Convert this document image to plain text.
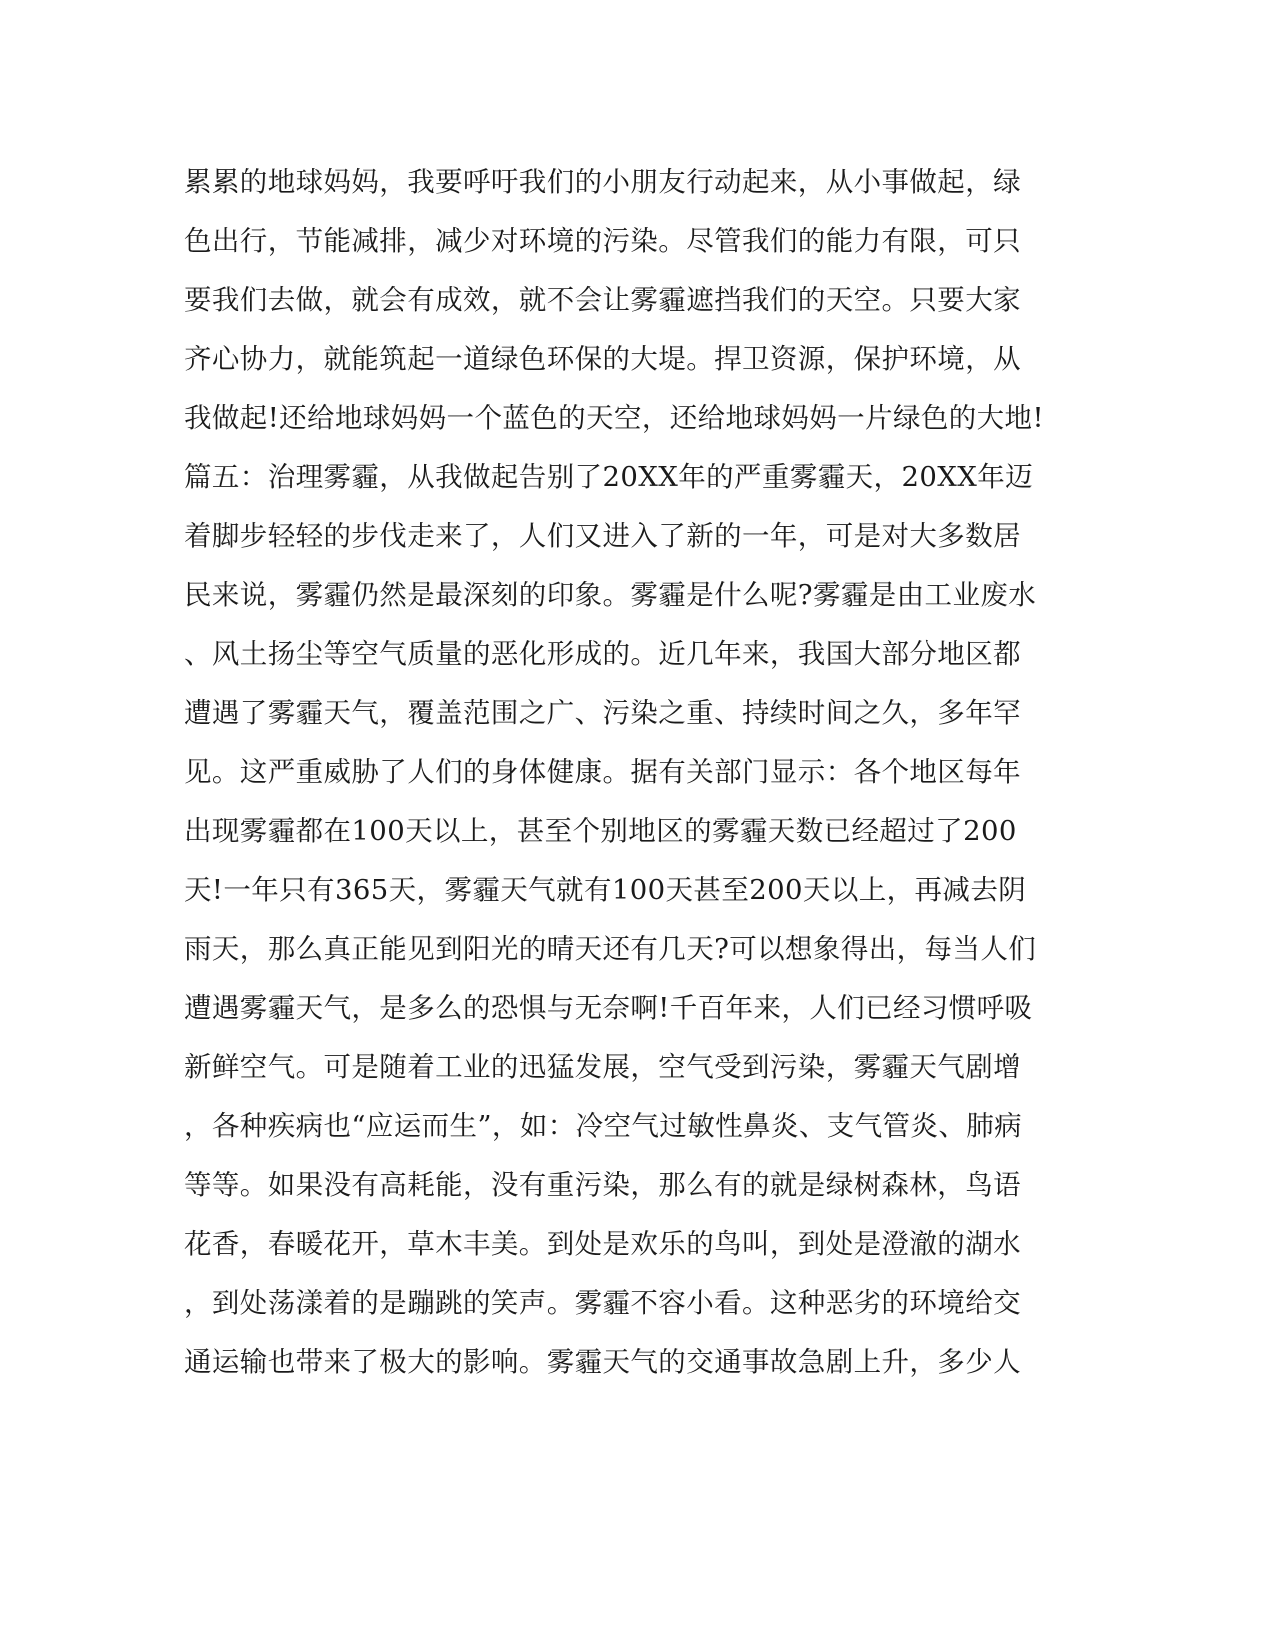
累累的地球妈妈，我要呼吁我们的小朋友行动起来，从小事做起，绿
色出行，节能减排，减少对环境的污染。尽管我们的能力有限，可只
要我们去做，就会有成效，就不会让雾霾遮挡我们的天空。只要大家
齐心协力，就能筑起一道绿色环保的大堤。捍卫资源，保护环境，从
我做起!还给地球妈妈一个蓝色的天空，还给地球妈妈一片绿色的大地!
篇五：治理雾霾，从我做起告别了20XX年的严重雾霾天，20XX年迈
着脚步轻轻的步伐走来了，人们又进入了新的一年，可是对大多数居
民来说，雾霾仍然是最深刻的印象。雾霾是什么呢?雾霾是由工业废水
、风土扬尘等空气质量的恶化形成的。近几年来，我国大部分地区都
遭遇了雾霾天气，覆盖范围之广、污染之重、持续时间之久，多年罕
见。这严重威胁了人们的身体健康。据有关部门显示：各个地区每年
出现雾霾都在100天以上，甚至个别地区的雾霾天数已经超过了200
天!一年只有365天，雾霾天气就有100天甚至200天以上，再减去阴
雨天，那么真正能见到阳光的晴天还有几天?可以想象得出，每当人们
遭遇雾霾天气，是多么的恐惧与无奈啊!千百年来，人们已经习惯呼吸
新鲜空气。可是随着工业的迅猛发展，空气受到污染，雾霾天气剧增
，各种疾病也“应运而生”，如：冷空气过敏性鼻炎、支气管炎、肺病
等等。如果没有高耗能，没有重污染，那么有的就是绿树森林，鸟语
花香，春暖花开，草木丰美。到处是欢乐的鸟叫，到处是澄澈的湖水
，到处荡漾着的是蹦跳的笑声。雾霾不容小看。这种恶劣的环境给交
通运输也带来了极大的影响。雾霾天气的交通事故急剧上升，多少人
